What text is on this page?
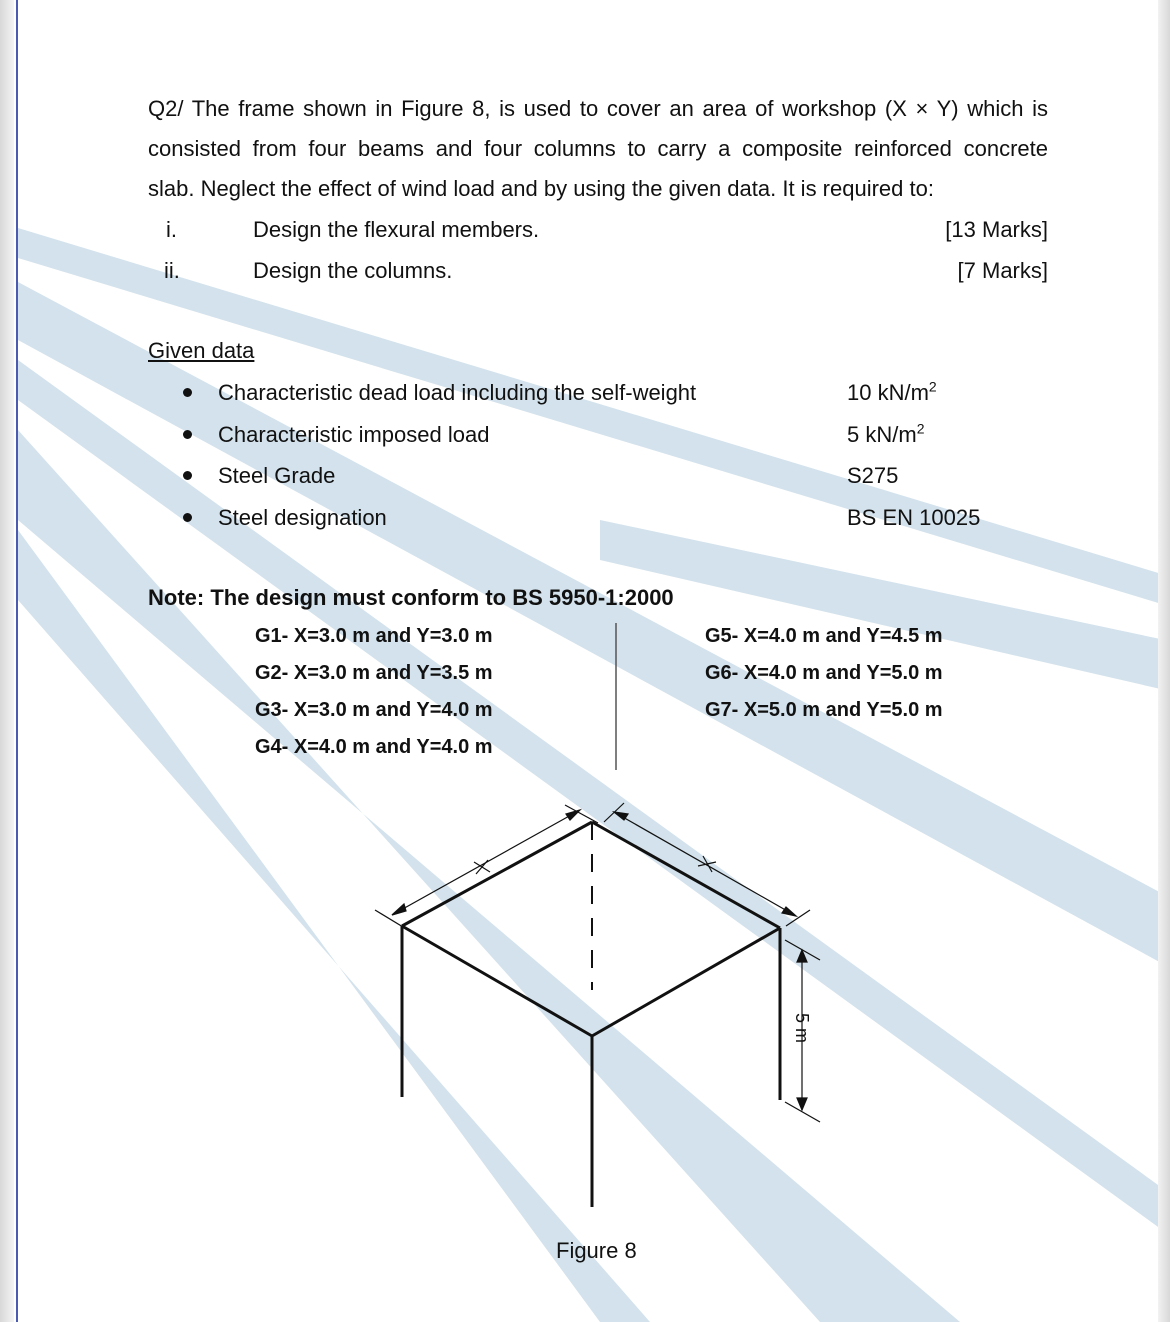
Q2/ The frame shown in Figure 8, is used to cover an area of workshop (X × Y) which is
consisted from four beams and four columns to carry a composite reinforced concrete
slab. Neglect the effect of wind load and by using the given data. It is required to:
i.	Design the flexural members.	[13 Marks]
ii.	Design the columns.	[7 Marks]
Given data
Characteristic dead load including the self-weight	10 $kN/m^2$
Characteristic imposed load	5 $kN/m^2$
Steel Grade	S275
Steel designation	BS EN 10025
Note: The design must conform to BS 5950-1:2000
G1- X=3.0 m and Y=3.0 m
G2- X=3.0 m and Y=3.5 m
G3- X=3.0 m and Y=4.0 m
G4- X=4.0 m and Y=4.0 m
G5- X=4.0 m and Y=4.5 m
G6- X=4.0 m and Y=5.0 m
G7- X=5.0 m and Y=5.0 m
5 m
Figure 8
